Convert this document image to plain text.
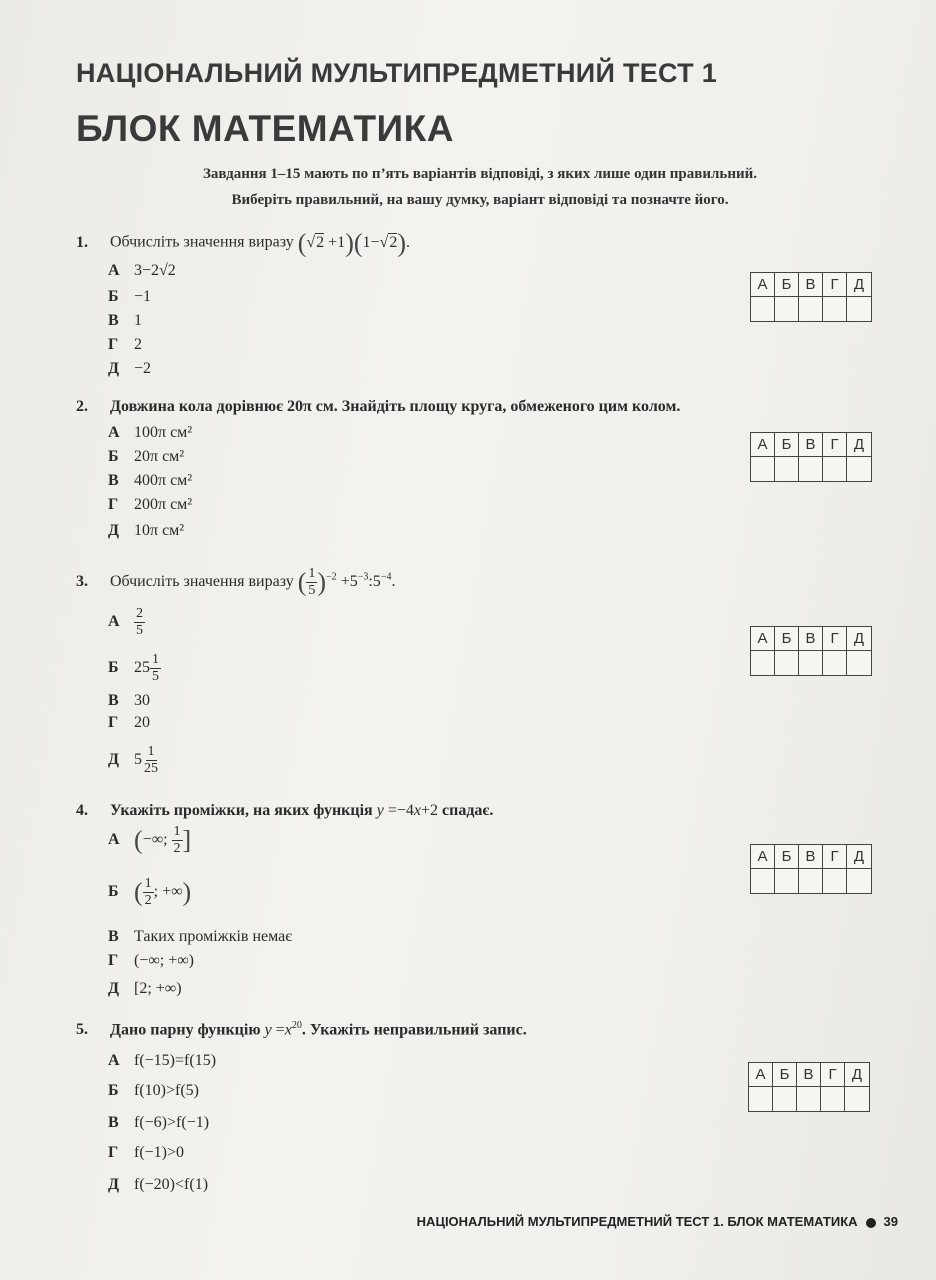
НАЦІОНАЛЬНИЙ МУЛЬТИПРЕДМЕТНИЙ ТЕСТ 1
БЛОК МАТЕМАТИКА
Завдання 1–15 мають по п’ять варіантів відповіді, з яких лише один правильний.
Виберіть правильний, на вашу думку, варіант відповіді та позначте його.
1. Обчисліть значення виразу (√2 +1)(1−√2).
А 3−2√2
Б −1
В 1
Г 2
Д −2
А Б В Г	Д
2. Довжина кола дорівнює 20π см. Знайдіть площу круга, обмеженого цим колом.
А 100π см²
Б 20π см²
В 400π см²
Г 200π см²
Д 10π см²
А Б В Г	Д
3. Обчисліть значення виразу ( $\frac{1}{5} )^{-2}$ $+5^{-3}:5^{-4}$.
А $\frac{2}{5}$
Б $25 \frac{1}{5}$
В 30
Г 20
Д $5 \frac{1}{25}$
А Б В Г	Д
4. Укажіть проміжки, на яких функція y =−4x+2 спадає.
А (−∞; $\frac{1}{2}$ ]
Б ( $\frac{1}{2}$ ; +∞)
В Таких проміжків немає
Г (−∞; +∞)
Д [2; +∞)
А Б В Г	Д
5. Дано парну функцію $y =x^{20}$. Укажіть неправильний запис.
А f(−15)=f(15)
Б f(10)>f(5)
В f(−6)>f(−1)
Г f(−1)>0
Д f(−20)<f(1)
А Б В Г	Д
НАЦІОНАЛЬНИЙ МУЛЬТИПРЕДМЕТНИЙ ТЕСТ 1. БЛОК МАТЕМАТИКА 39
